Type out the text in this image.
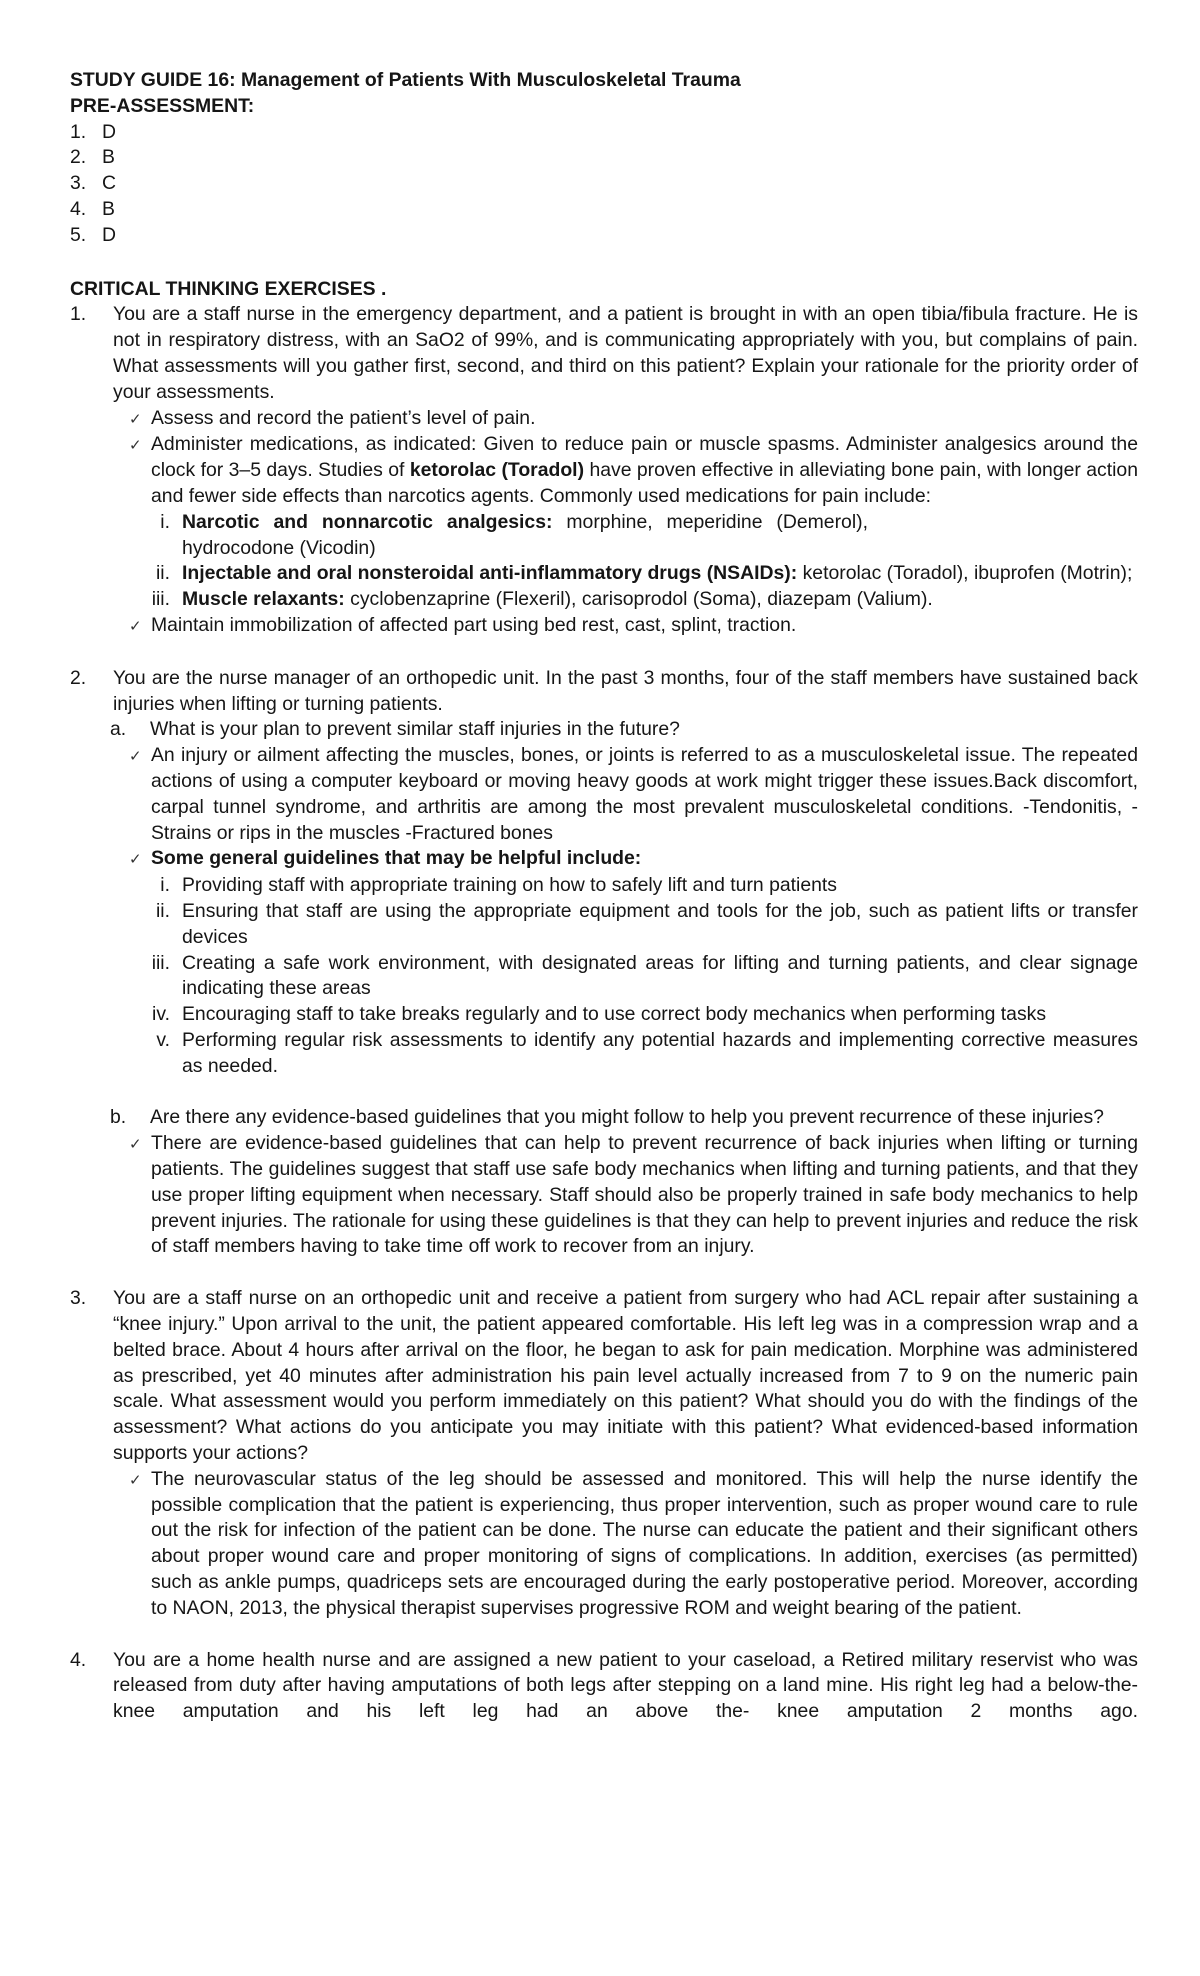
STUDY GUIDE 16: Management of Patients With Musculoskeletal Trauma
PRE-ASSESSMENT:
1. D
2. B
3. C
4. B
5. D
CRITICAL THINKING EXERCISES .
1.	You are a staff nurse in the emergency department, and a patient is brought in with an open tibia/fibula fracture. He is not in respiratory distress, with an SaO2 of 99%, and is communicating appropriately with you, but complains of pain. What assessments will you gather first, second, and third on this patient? Explain your rationale for the priority order of your assessments.
✓ Assess and record the patient’s level of pain.
✓ Administer medications, as indicated: Given to reduce pain or muscle spasms. Administer analgesics around the clock for 3–5 days. Studies of ketorolac (Toradol) have proven effective in alleviating bone pain, with longer action and fewer side effects than narcotics agents. Commonly used medications for pain include:
i. Narcotic and nonnarcotic analgesics: morphine, meperidine (Demerol), hydrocodone (Vicodin)
ii. Injectable and oral nonsteroidal anti-inflammatory drugs (NSAIDs): ketorolac (Toradol), ibuprofen (Motrin);
iii. Muscle relaxants: cyclobenzaprine (Flexeril), carisoprodol (Soma), diazepam (Valium).
✓ Maintain immobilization of affected part using bed rest, cast, splint, traction.
2.	You are the nurse manager of an orthopedic unit. In the past 3 months, four of the staff members have sustained back injuries when lifting or turning patients.
a.	What is your plan to prevent similar staff injuries in the future?
✓ An injury or ailment affecting the muscles, bones, or joints is referred to as a musculoskeletal issue. The repeated actions of using a computer keyboard or moving heavy goods at work might trigger these issues.Back discomfort, carpal tunnel syndrome, and arthritis are among the most prevalent musculoskeletal conditions. -Tendonitis, -Strains or rips in the muscles -Fractured bones
✓ Some general guidelines that may be helpful include:
i. Providing staff with appropriate training on how to safely lift and turn patients
ii. Ensuring that staff are using the appropriate equipment and tools for the job, such as patient lifts or transfer devices
iii. Creating a safe work environment, with designated areas for lifting and turning patients, and clear signage indicating these areas
iv. Encouraging staff to take breaks regularly and to use correct body mechanics when performing tasks
v. Performing regular risk assessments to identify any potential hazards and implementing corrective measures as needed.
b.	Are there any evidence-based guidelines that you might follow to help you prevent recurrence of these injuries?
✓ There are evidence-based guidelines that can help to prevent recurrence of back injuries when lifting or turning patients. The guidelines suggest that staff use safe body mechanics when lifting and turning patients, and that they use proper lifting equipment when necessary. Staff should also be properly trained in safe body mechanics to help prevent injuries. The rationale for using these guidelines is that they can help to prevent injuries and reduce the risk of staff members having to take time off work to recover from an injury.
3.	You are a staff nurse on an orthopedic unit and receive a patient from surgery who had ACL repair after sustaining a “knee injury.” Upon arrival to the unit, the patient appeared comfortable. His left leg was in a compression wrap and a belted brace. About 4 hours after arrival on the floor, he began to ask for pain medication. Morphine was administered as prescribed, yet 40 minutes after administration his pain level actually increased from 7 to 9 on the numeric pain scale. What assessment would you perform immediately on this patient? What should you do with the findings of the assessment? What actions do you anticipate you may initiate with this patient? What evidenced-based information supports your actions?
✓ The neurovascular status of the leg should be assessed and monitored. This will help the nurse identify the possible complication that the patient is experiencing, thus proper intervention, such as proper wound care to rule out the risk for infection of the patient can be done. The nurse can educate the patient and their significant others about proper wound care and proper monitoring of signs of complications. In addition, exercises (as permitted) such as ankle pumps, quadriceps sets are encouraged during the early postoperative period. Moreover, according to NAON, 2013, the physical therapist supervises progressive ROM and weight bearing of the patient.
4.	You are a home health nurse and are assigned a new patient to your caseload, a Retired military reservist who was released from duty after having amputations of both legs after stepping on a land mine. His right leg had a below-the-knee amputation and his left leg had an above the- knee amputation 2 months ago.
